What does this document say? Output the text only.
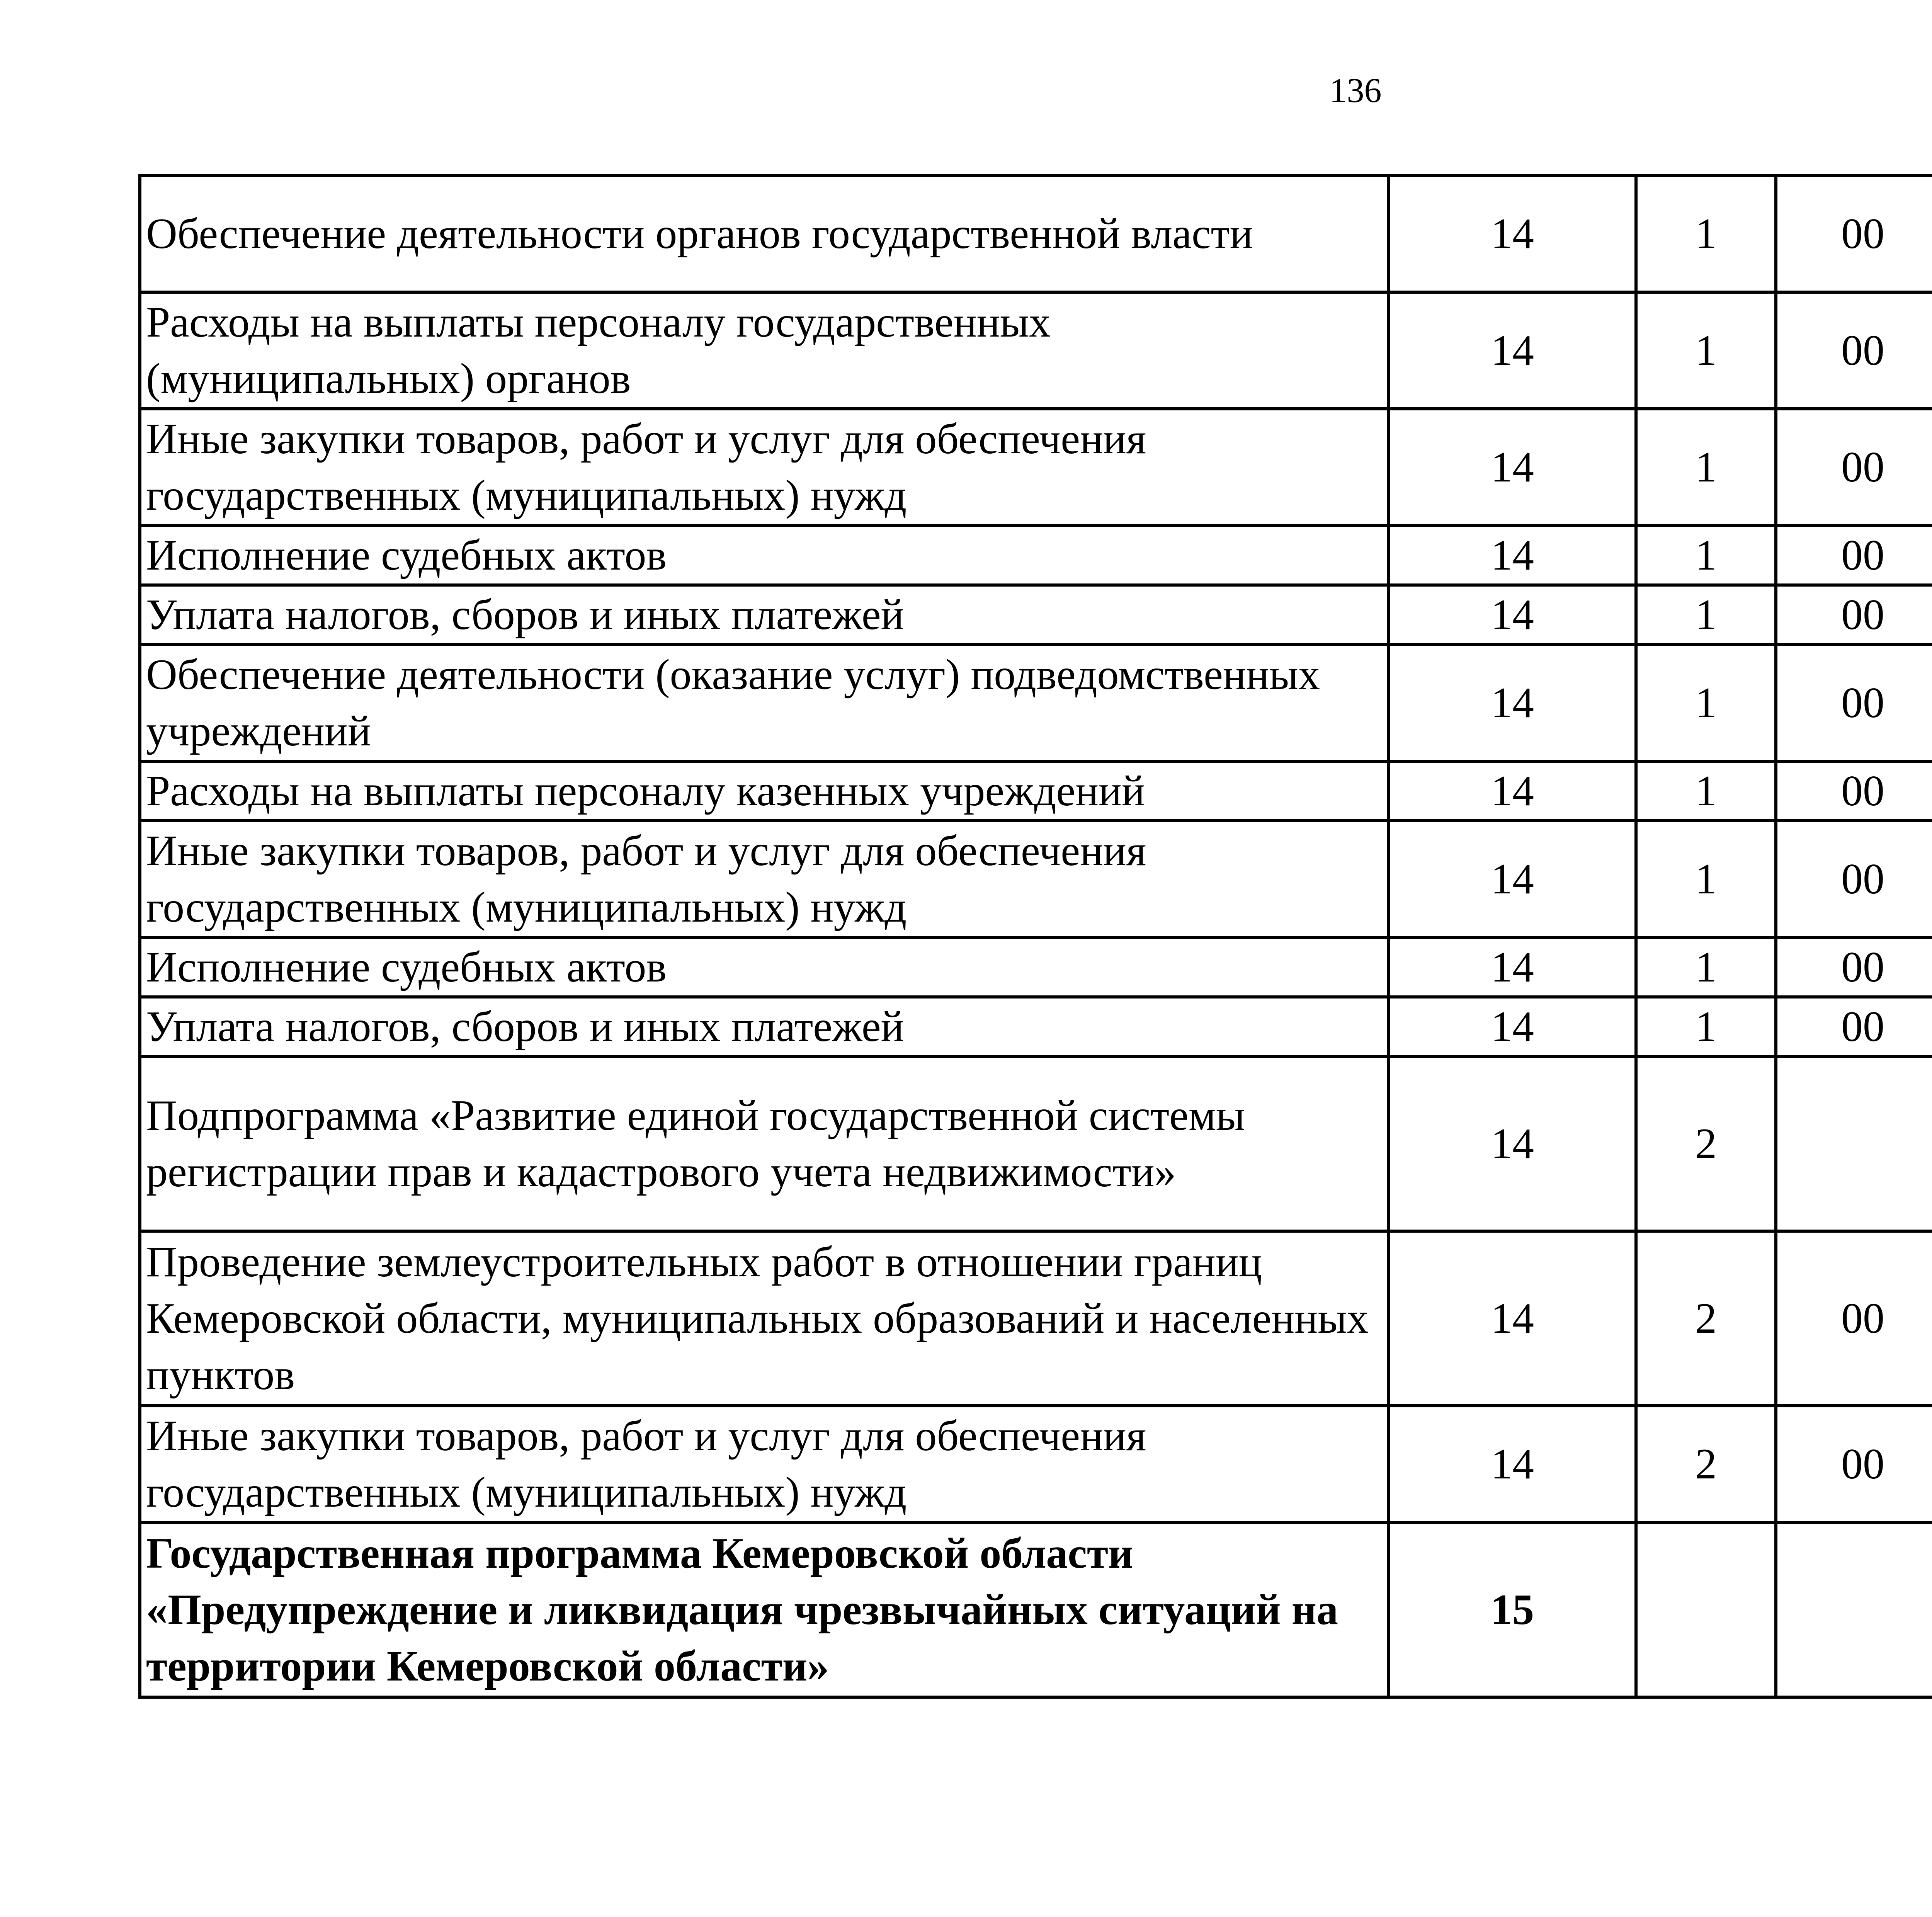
136
Обеспечение деятельности органов государственной власти	14	1	00			
Расходы на выплаты персоналу государственных (муниципальных) органов	14	1	00			
Иные закупки товаров, работ и услуг для обеспечения государственных (муниципальных) нужд	14	1	00			
Исполнение судебных актов	14	1	00			
Уплата налогов, сборов и иных платежей	14	1	00			
Обеспечение деятельности (оказание услуг) подведомственных учреждений	14	1	00			
Расходы на выплаты персоналу казенных учреждений	14	1	00			
Иные закупки товаров, работ и услуг для обеспечения государственных (муниципальных) нужд	14	1	00			
Исполнение судебных актов	14	1	00			
Уплата налогов, сборов и иных платежей	14	1	00			
Подпрограмма «Развитие единой государственной системы регистрации прав и кадастрового учета недвижимости»	14	2				
Проведение землеустроительных работ в отношении границ Кемеровской области, муниципальных образований и населенных пунктов	14	2	00			
Иные закупки товаров, работ и услуг для обеспечения государственных (муниципальных) нужд	14	2	00			
Государственная программа Кемеровской области «Предупреждение и ликвидация чрезвычайных ситуаций на территории Кемеровской области»	15					
